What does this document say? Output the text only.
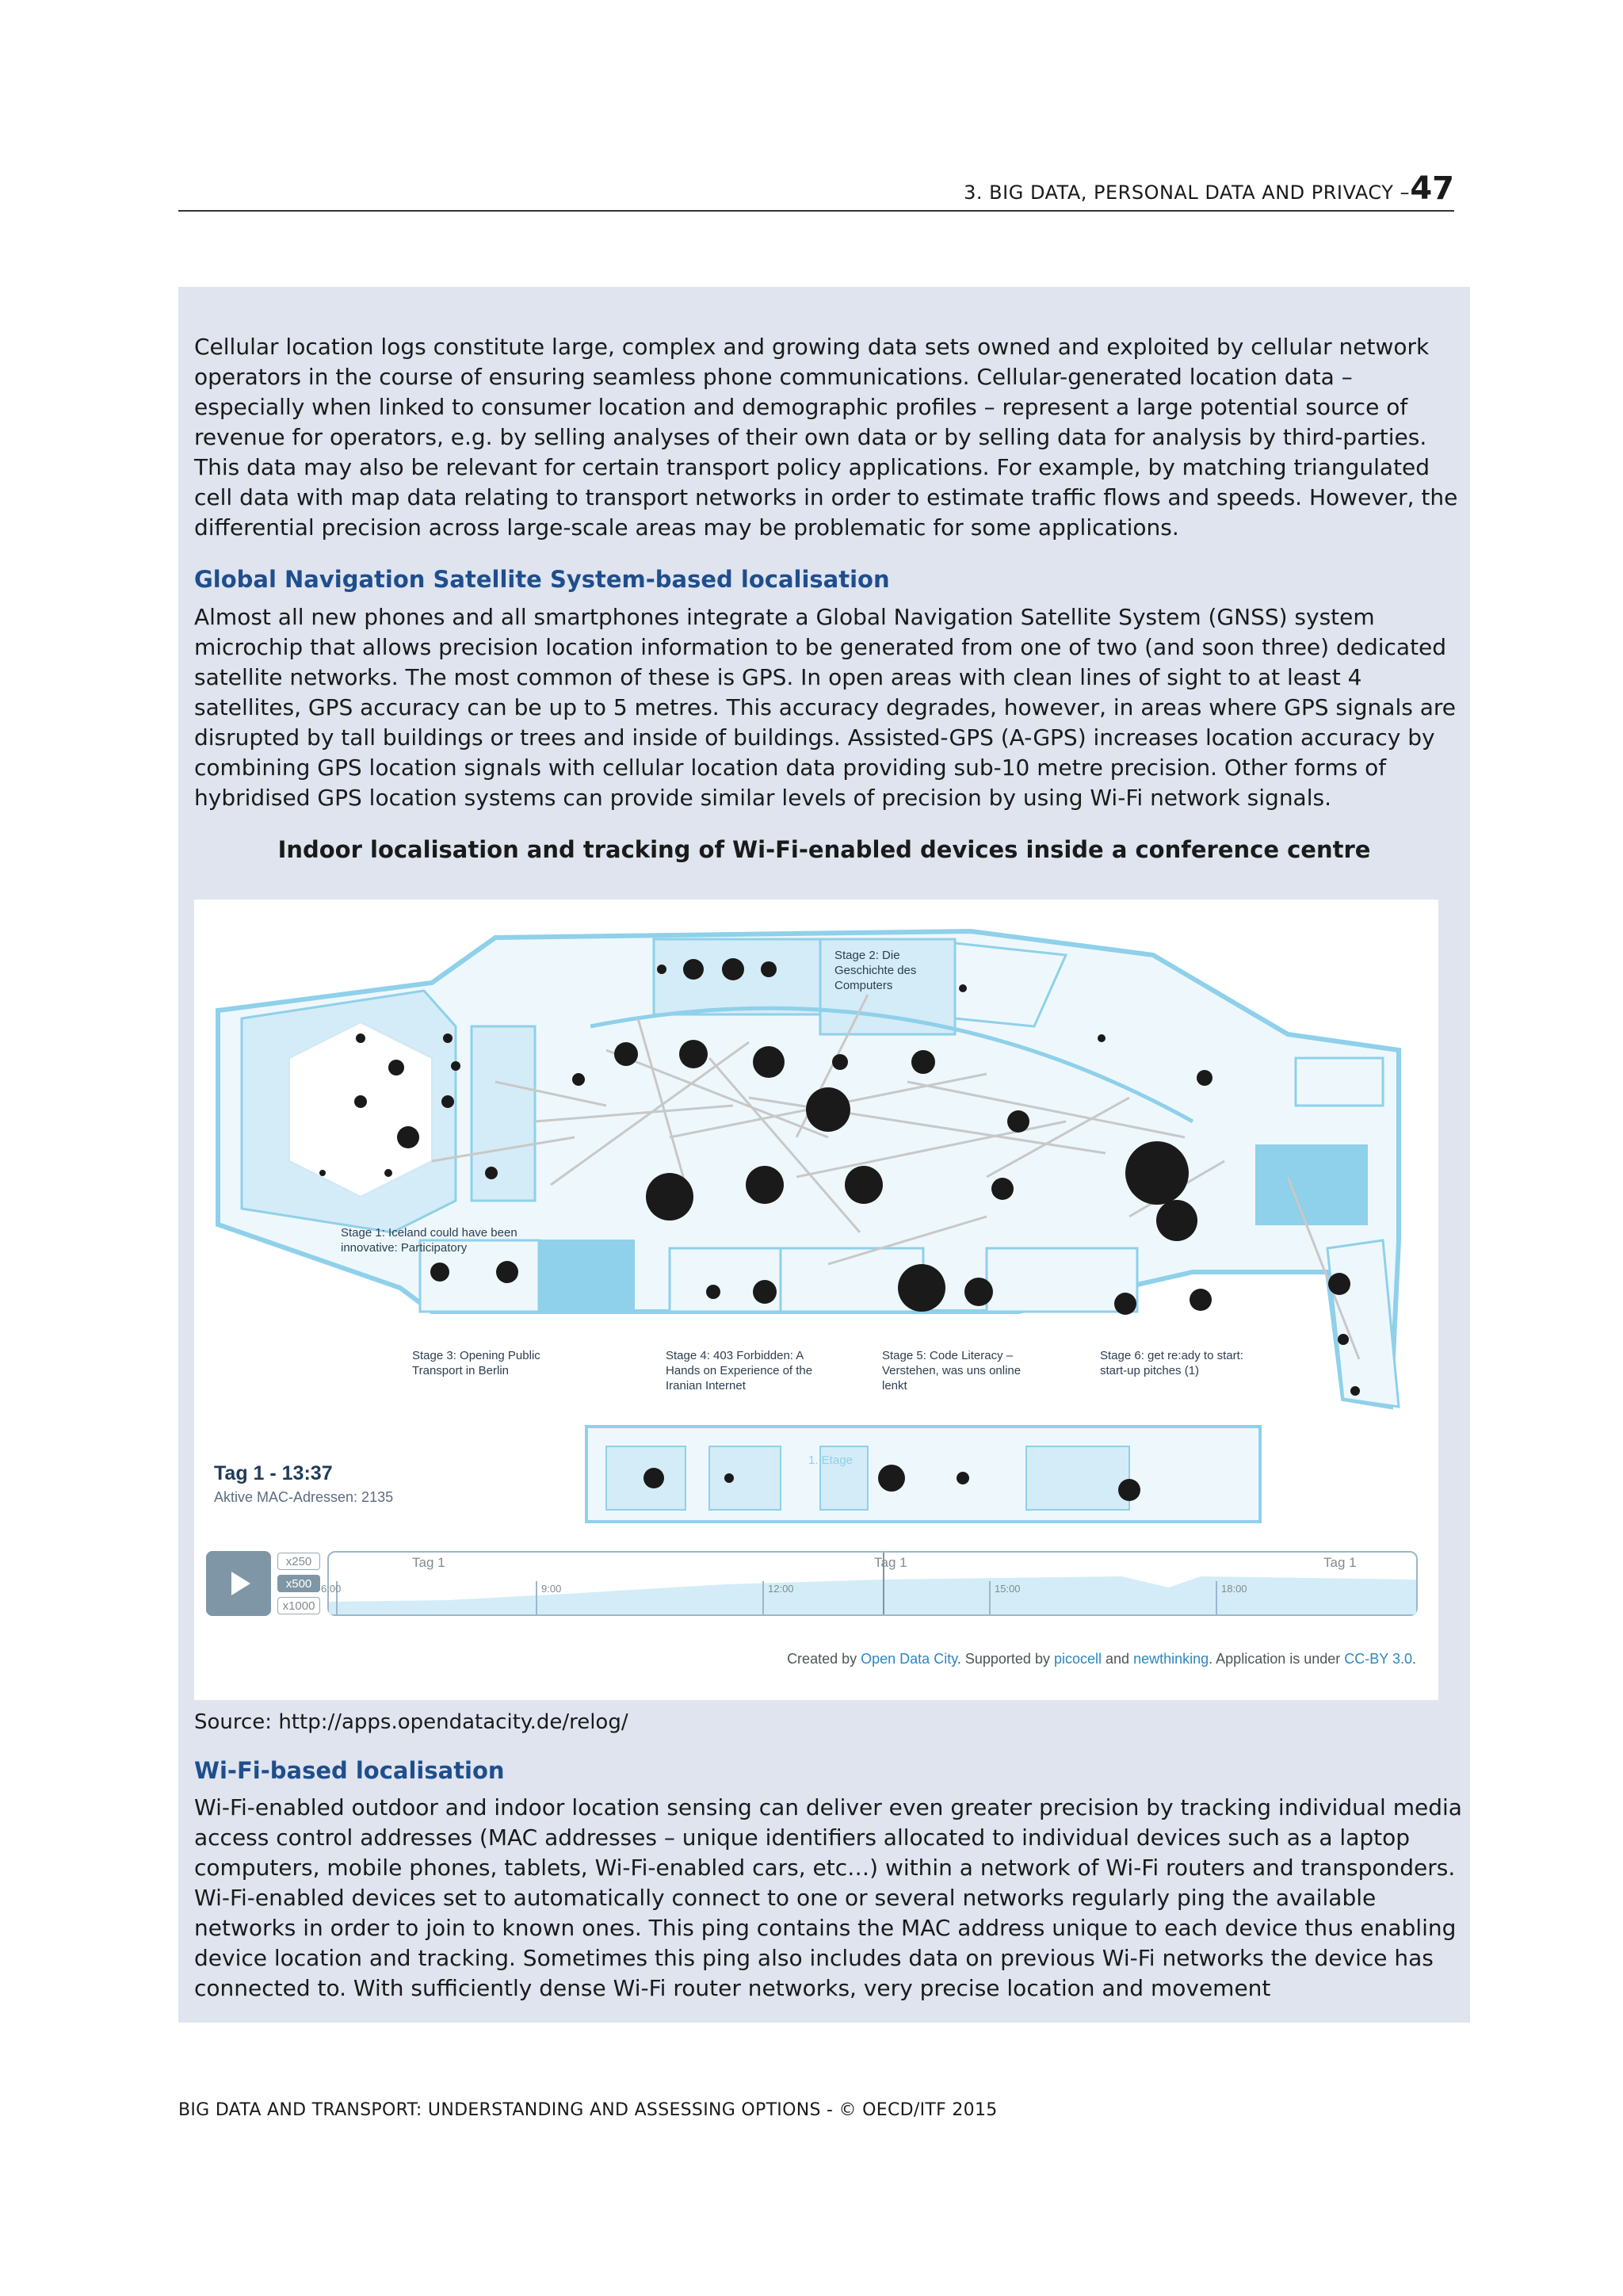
3. BIG DATA, PERSONAL DATA AND PRIVACY – 47

Cellular location logs constitute large, complex and growing data sets owned and exploited by cellular network operators in the course of ensuring seamless phone communications. Cellular-generated location data – especially when linked to consumer location and demographic profiles – represent a large potential source of revenue for operators, e.g. by selling analyses of their own data or by selling data for analysis by third-parties. This data may also be relevant for certain transport policy applications. For example, by matching triangulated cell data with map data relating to transport networks in order to estimate traffic flows and speeds. However, the differential precision across large-scale areas may be problematic for some applications.

Global Navigation Satellite System-based localisation

Almost all new phones and all smartphones integrate a Global Navigation Satellite System (GNSS) system microchip that allows precision location information to be generated from one of two (and soon three) dedicated satellite networks. The most common of these is GPS. In open areas with clean lines of sight to at least 4 satellites, GPS accuracy can be up to 5 metres. This accuracy degrades, however, in areas where GPS signals are disrupted by tall buildings or trees and inside of buildings. Assisted-GPS (A-GPS) increases location accuracy by combining GPS location signals with cellular location data providing sub-10 metre precision. Other forms of hybridised GPS location systems can provide similar levels of precision by using Wi-Fi network signals.

Indoor localisation and tracking of Wi-Fi-enabled devices inside a conference centre
Stage 1: Iceland could have been
innovative: Participatory
Stage 2: Die
Geschichte des
Computers
Stage 3: Opening Public
Transport in Berlin
Stage 4: 403 Forbidden: A
Hands on Experience of the
Iranian Internet
Stage 5: Code Literacy –
Verstehen, was uns online
lenkt
Stage 6: get re:ady to start:
start-up pitches (1)
1. Etage
Tag 1 - 13:37
Aktive MAC-Adressen: 2135
x250
x500
x1000
Tag 1	Tag 1	Tag 1
6:00	9:00	12:00	15:00	18:00
Created by Open Data City. Supported by picocell and newthinking. Application is under CC-BY 3.0.

Source: http://apps.opendatacity.de/relog/

Wi-Fi-based localisation

Wi-Fi-enabled outdoor and indoor location sensing can deliver even greater precision by tracking individual media access control addresses (MAC addresses – unique identifiers allocated to individual devices such as a laptop computers, mobile phones, tablets, Wi-Fi-enabled cars, etc…) within a network of Wi-Fi routers and transponders. Wi-Fi-enabled devices set to automatically connect to one or several networks regularly ping the available networks in order to join to known ones. This ping contains the MAC address unique to each device thus enabling device location and tracking. Sometimes this ping also includes data on previous Wi-Fi networks the device has connected to. With sufficiently dense Wi-Fi router networks, very precise location and movement

BIG DATA AND TRANSPORT: UNDERSTANDING AND ASSESSING OPTIONS - © OECD/ITF 2015
